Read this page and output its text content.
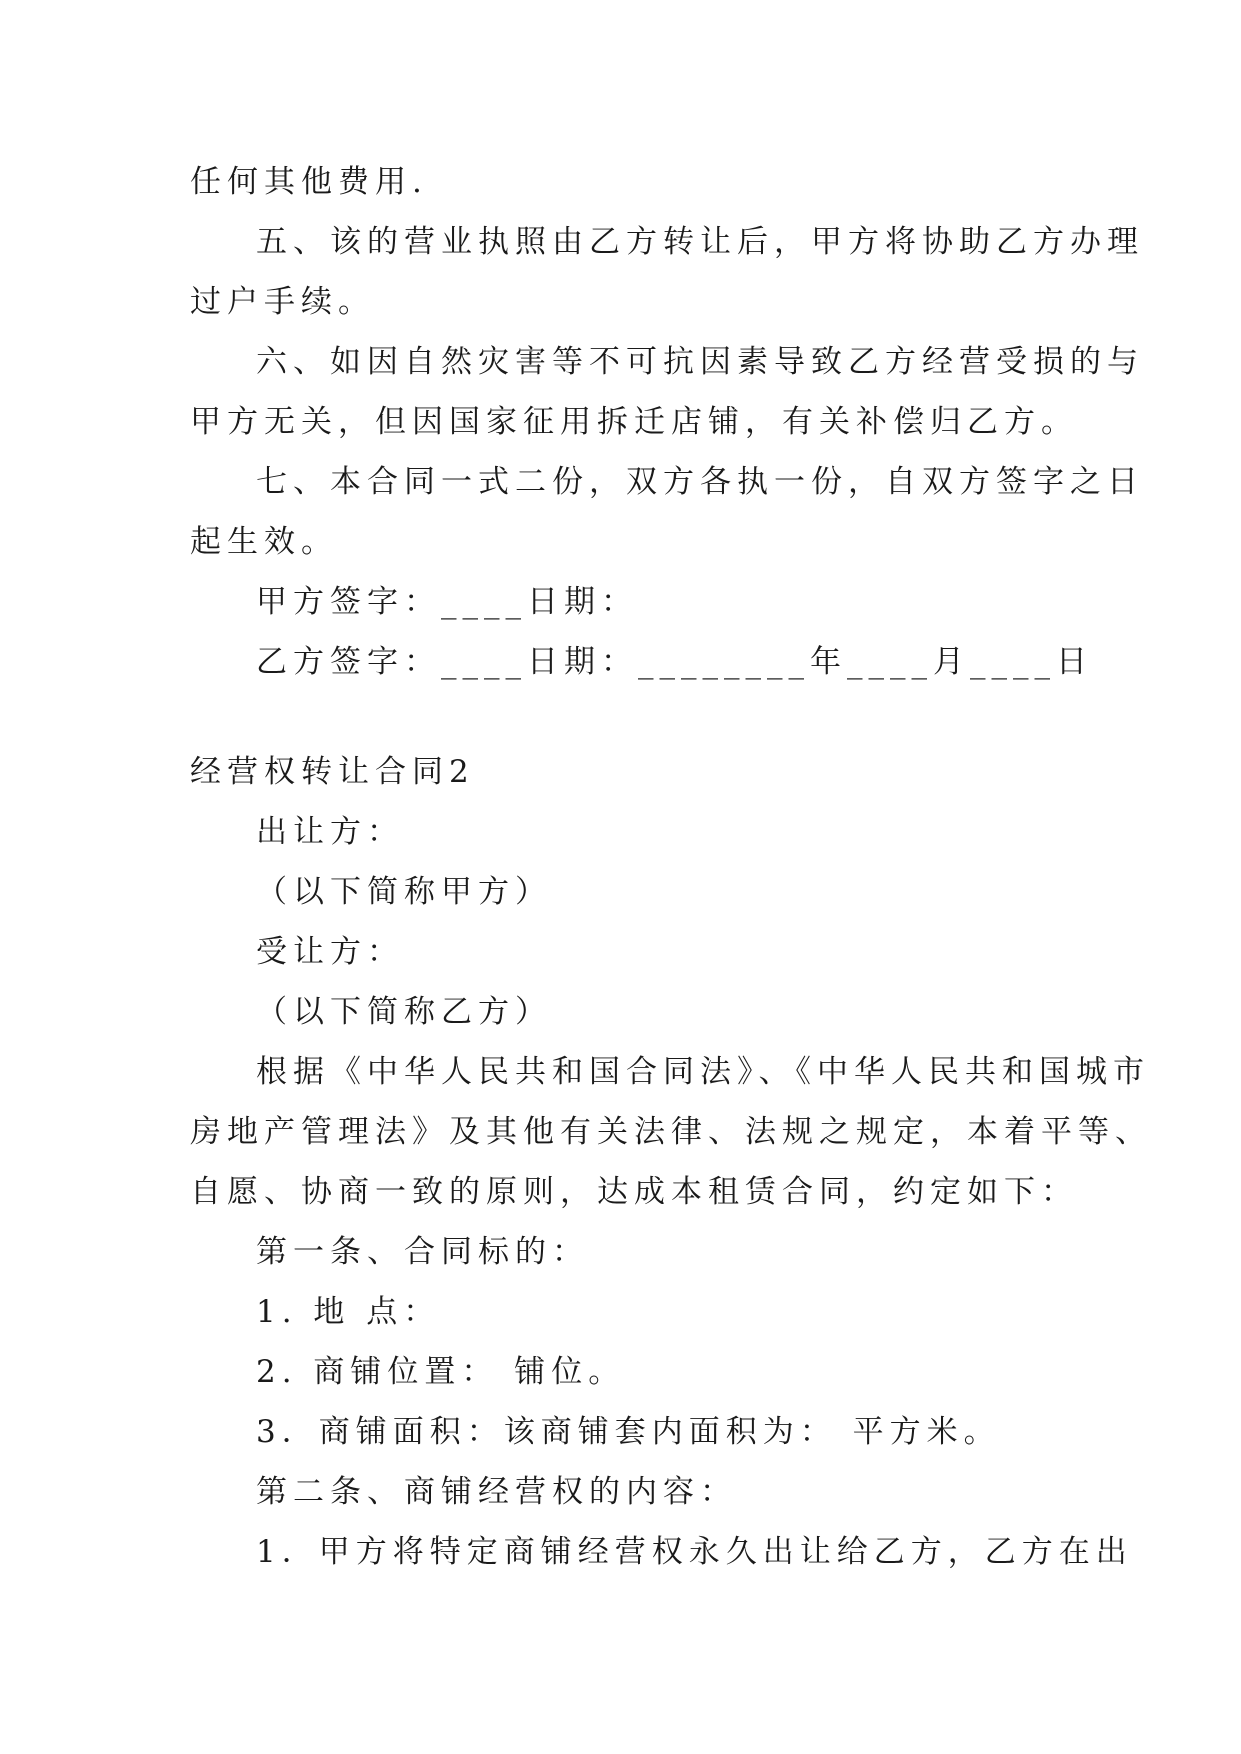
任何其他费用.
五、该的营业执照由乙方转让后，甲方将协助乙方办理
过户手续。
六、如因自然灾害等不可抗因素导致乙方经营受损的与
甲方无关，但因国家征用拆迁店铺，有关补偿归乙方。
七、本合同一式二份，双方各执一份，自双方签字之日
起生效。
甲方签字：____日期：
乙方签字：____日期：________年____月____日
经营权转让合同2
出让方：
（以下简称甲方）
受让方：
（以下简称乙方）
根据《中华人民共和国合同法》、《中华人民共和国城市
房地产管理法》及其他有关法律、法规之规定，本着平等、
自愿、协商一致的原则，达成本租赁合同，约定如下：
第一条、合同标的：
1. 地 点：
2. 商铺位置： 铺位。
3．商铺面积：该商铺套内面积为： 平方米。
第二条、商铺经营权的内容：
1．甲方将特定商铺经营权永久出让给乙方，乙方在出
